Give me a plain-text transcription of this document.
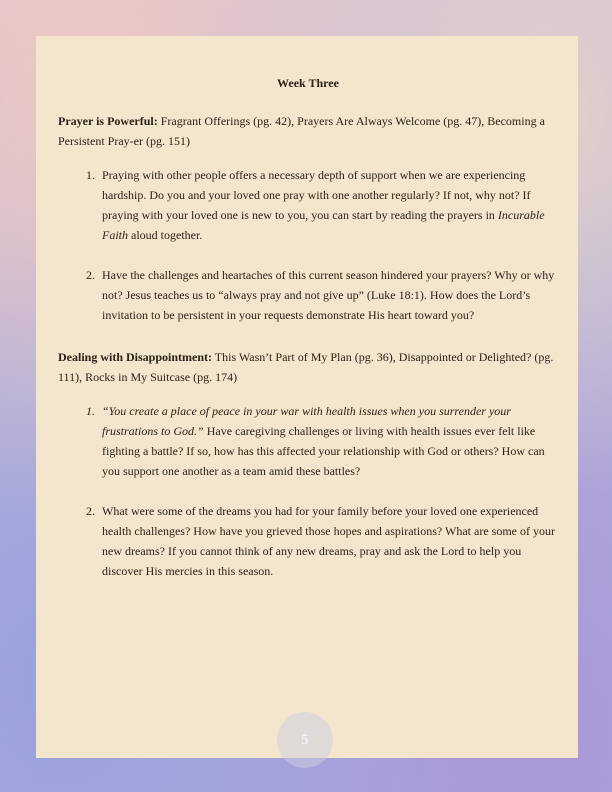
Week Three

Prayer is Powerful: Fragrant Offerings (pg. 42), Prayers Are Always Welcome (pg. 47), Becoming a Persistent Pray-er (pg. 151)

1. Praying with other people offers a necessary depth of support when we are experiencing hardship. Do you and your loved one pray with one another regularly? If not, why not? If praying with your loved one is new to you, you can start by reading the prayers in Incurable Faith aloud together.
2. Have the challenges and heartaches of this current season hindered your prayers? Why or why not? Jesus teaches us to “always pray and not give up” (Luke 18:1). How does the Lord’s invitation to be persistent in your requests demonstrate His heart toward you?

Dealing with Disappointment: This Wasn’t Part of My Plan (pg. 36), Disappointed or Delighted? (pg. 111), Rocks in My Suitcase (pg. 174)

1. “You create a place of peace in your war with health issues when you surrender your frustrations to God.” Have caregiving challenges or living with health issues ever felt like fighting a battle? If so, how has this affected your relationship with God or others? How can you support one another as a team amid these battles?
2. What were some of the dreams you had for your family before your loved one experienced health challenges? How have you grieved those hopes and aspirations? What are some of your new dreams? If you cannot think of any new dreams, pray and ask the Lord to help you discover His mercies in this season.
5
